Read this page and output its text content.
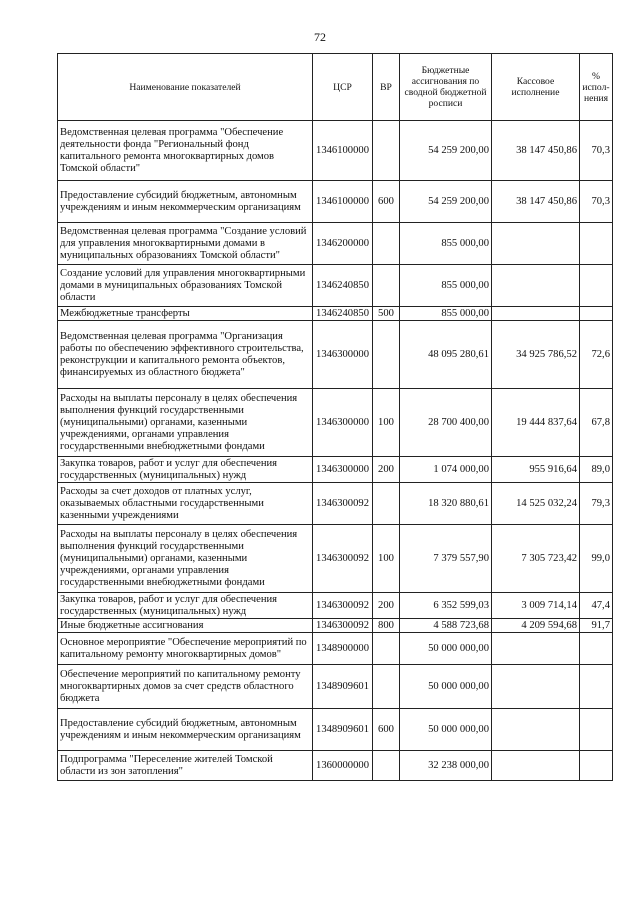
72
Наименование показателей	ЦСР	ВР	Бюджетные ассигнования по сводной бюджетной росписи	Кассовое исполнение	% испол-нения
Ведомственная целевая программа "Обеспечение деятельности фонда "Региональный фонд капитального ремонта многоквартирных домов Томской области"	1346100000		54 259 200,00	38 147 450,86	70,3
Предоставление субсидий бюджетным, автономным учреждениям и иным некоммерческим организациям	1346100000	600	54 259 200,00	38 147 450,86	70,3
Ведомственная целевая программа "Создание условий для управления многоквартирными домами в муниципальных образованиях Томской области"	1346200000		855 000,00		
Создание условий для управления многоквартирными домами в муниципальных образованиях Томской области	1346240850		855 000,00		
Межбюджетные трансферты	1346240850	500	855 000,00		
Ведомственная целевая программа "Организация работы по обеспечению эффективного строительства, реконструкции и капитального ремонта объектов, финансируемых из областного бюджета"	1346300000		48 095 280,61	34 925 786,52	72,6
Расходы на выплаты персоналу в целях обеспечения выполнения функций государственными (муниципальными) органами, казенными учреждениями, органами управления государственными внебюджетными фондами	1346300000	100	28 700 400,00	19 444 837,64	67,8
Закупка товаров, работ и услуг для обеспечения государственных (муниципальных) нужд	1346300000	200	1 074 000,00	955 916,64	89,0
Расходы за счет доходов от платных услуг, оказываемых областными государственными казенными учреждениями	1346300092		18 320 880,61	14 525 032,24	79,3
Расходы на выплаты персоналу в целях обеспечения выполнения функций государственными (муниципальными) органами, казенными учреждениями, органами управления государственными внебюджетными фондами	1346300092	100	7 379 557,90	7 305 723,42	99,0
Закупка товаров, работ и услуг для обеспечения государственных (муниципальных) нужд	1346300092	200	6 352 599,03	3 009 714,14	47,4
Иные бюджетные ассигнования	1346300092	800	4 588 723,68	4 209 594,68	91,7
Основное мероприятие "Обеспечение мероприятий по капитальному ремонту многоквартирных домов"	1348900000		50 000 000,00		
Обеспечение мероприятий по капитальному ремонту многоквартирных домов за счет средств областного бюджета	1348909601		50 000 000,00		
Предоставление субсидий бюджетным, автономным учреждениям и иным некоммерческим организациям	1348909601	600	50 000 000,00		
Подпрограмма "Переселение жителей Томской области из зон затопления"	1360000000		32 238 000,00		
